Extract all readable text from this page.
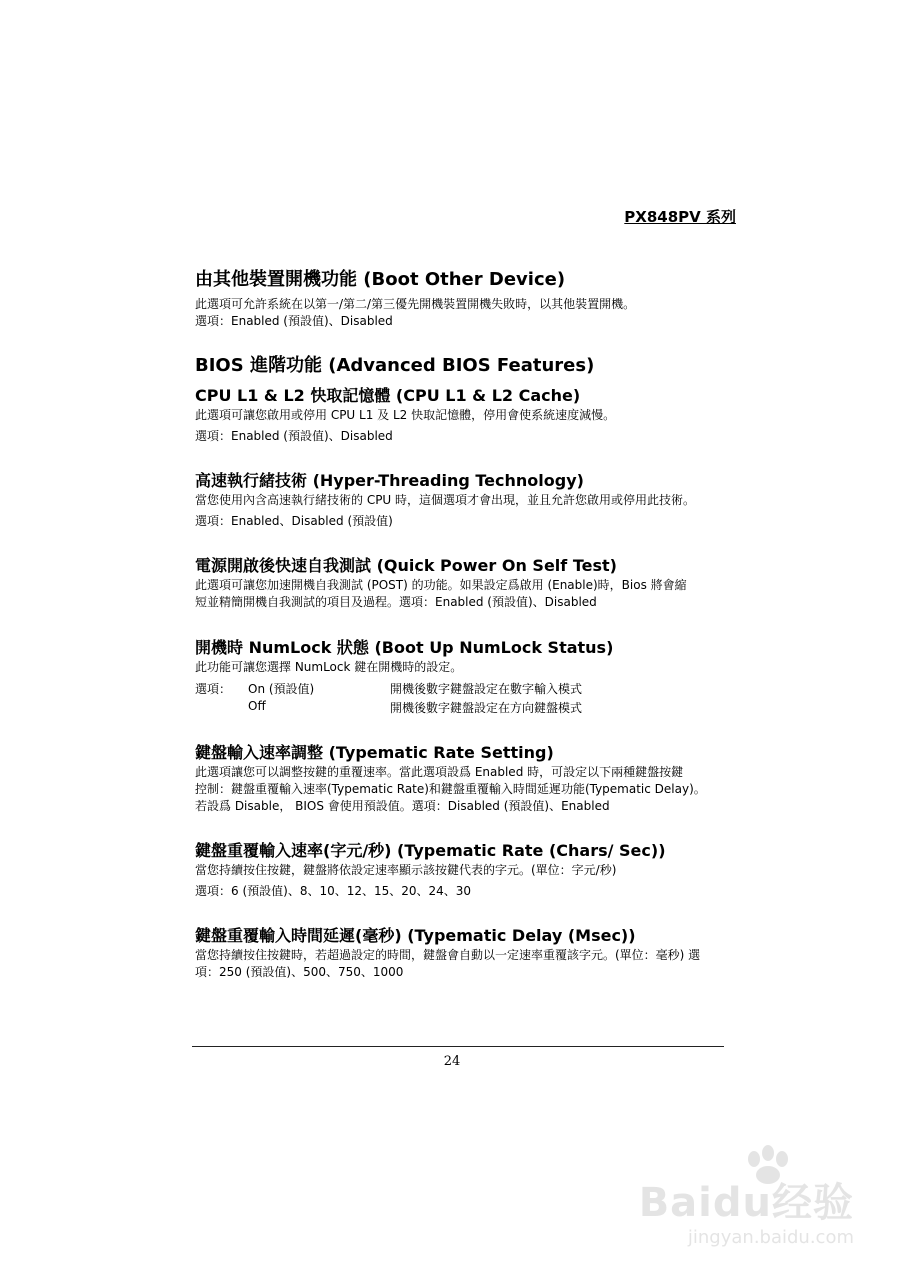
PX848PV 系列
由其他裝置開機功能 (Boot Other Device)
此選項可允許系統在以第一/第二/第三優先開機裝置開機失敗時，以其他裝置開機。
選項：Enabled (預設值)、Disabled
BIOS 進階功能 (Advanced BIOS Features)
CPU L1 & L2 快取記憶體 (CPU L1 & L2 Cache)
此選項可讓您啟用或停用 CPU L1 及 L2 快取記憶體，停用會使系統速度減慢。
選項：Enabled (預設值)、Disabled
高速執行緒技術 (Hyper-Threading Technology)
當您使用內含高速執行緒技術的 CPU 時，這個選項才會出現，並且允許您啟用或停用此技術。
選項：Enabled、Disabled (預設值)
電源開啟後快速自我測試 (Quick Power On Self Test)
此選項可讓您加速開機自我測試 (POST) 的功能。如果設定爲啟用 (Enable)時，Bios 將會縮
短並精簡開機自我測試的項目及過程。選項：Enabled (預設值)、Disabled
開機時 NumLock 狀態 (Boot Up NumLock Status)
此功能可讓您選擇 NumLock 鍵在開機時的設定。
選項： On (預設值)	開機後數字鍵盤設定在數字輸入模式
Off	開機後數字鍵盤設定在方向鍵盤模式
鍵盤輸入速率調整 (Typematic Rate Setting)
此選項讓您可以調整按鍵的重覆速率。當此選項設爲 Enabled 時，可設定以下兩種鍵盤按鍵
控制：鍵盤重覆輸入速率(Typematic Rate)和鍵盤重覆輸入時間延遲功能(Typematic Delay)。
若設爲 Disable， BIOS 會使用預設值。選項：Disabled (預設值)、Enabled
鍵盤重覆輸入速率(字元/秒) (Typematic Rate (Chars/ Sec))
當您持續按住按鍵，鍵盤將依設定速率顯示該按鍵代表的字元。(單位：字元/秒)
選項：6 (預設值)、8、10、12、15、20、24、30
鍵盤重覆輸入時間延遲(毫秒) (Typematic Delay (Msec))
當您持續按住按鍵時，若超過設定的時間，鍵盤會自動以一定速率重覆該字元。(單位：毫秒) 選
項：250 (預設值)、500、750、1000
24
Baidu经验
jingyan.baidu.com
